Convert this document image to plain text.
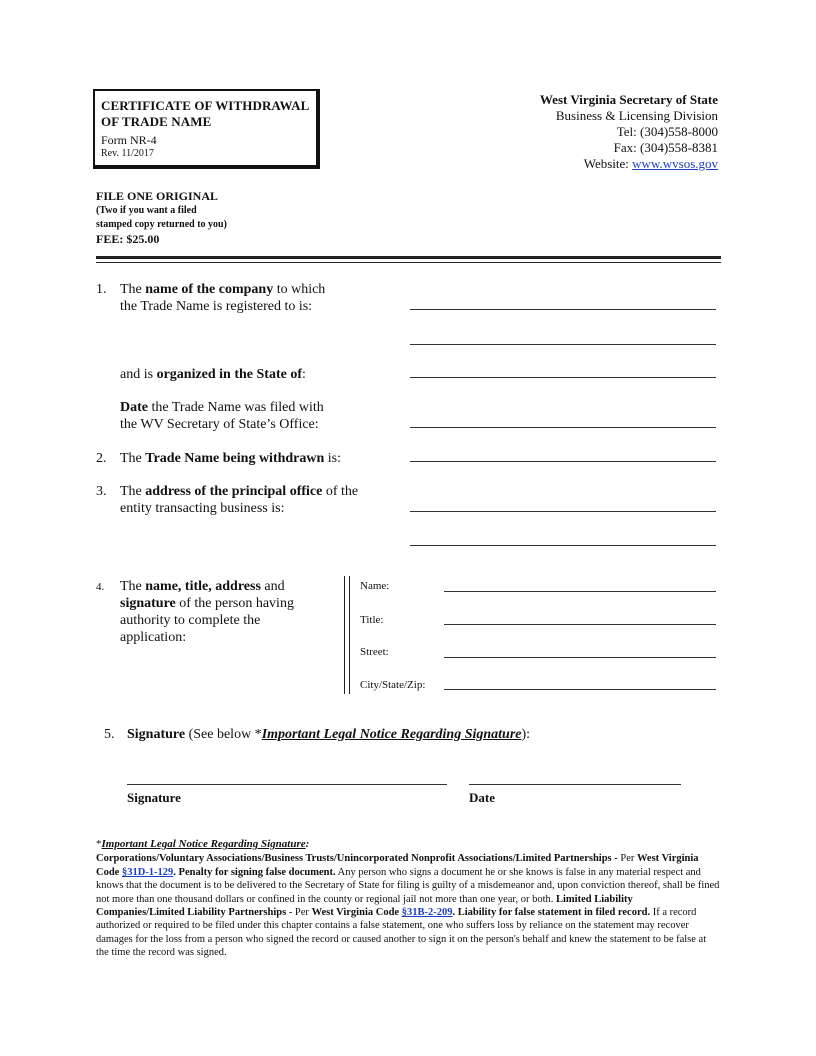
CERTIFICATE OF WITHDRAWAL
OF TRADE NAME
Form NR-4
Rev. 11/2017
West Virginia Secretary of State
Business & Licensing Division
Tel: (304)558-8000
Fax: (304)558-8381
Website: www.wvsos.gov
FILE ONE ORIGINAL
(Two if you want a filed
stamped copy returned to you)
FEE: $25.00
1. The name of the company to which
the Trade Name is registered to is:
and is organized in the State of:
Date the Trade Name was filed with
the WV Secretary of State’s Office:
2. The Trade Name being withdrawn is:
3. The address of the principal office of the
entity transacting business is:
4. The name, title, address and
signature of the person having
authority to complete the
application:
Name:
Title:
Street:
City/State/Zip:
5. Signature (See below *Important Legal Notice Regarding Signature):
Signature	Date
*Important Legal Notice Regarding Signature:
Corporations/Voluntary Associations/Business Trusts/Unincorporated Nonprofit Associations/Limited Partnerships - Per West Virginia Code §31D-1-129. Penalty for signing false document. Any person who signs a document he or she knows is false in any material respect and knows that the document is to be delivered to the Secretary of State for filing is guilty of a misdemeanor and, upon conviction thereof, shall be fined not more than one thousand dollars or confined in the county or regional jail not more than one year, or both. Limited Liability Companies/Limited Liability Partnerships - Per West Virginia Code §31B-2-209. Liability for false statement in filed record. If a record authorized or required to be filed under this chapter contains a false statement, one who suffers loss by reliance on the statement may recover damages for the loss from a person who signed the record or caused another to sign it on the person's behalf and knew the statement to be false at the time the record was signed.
